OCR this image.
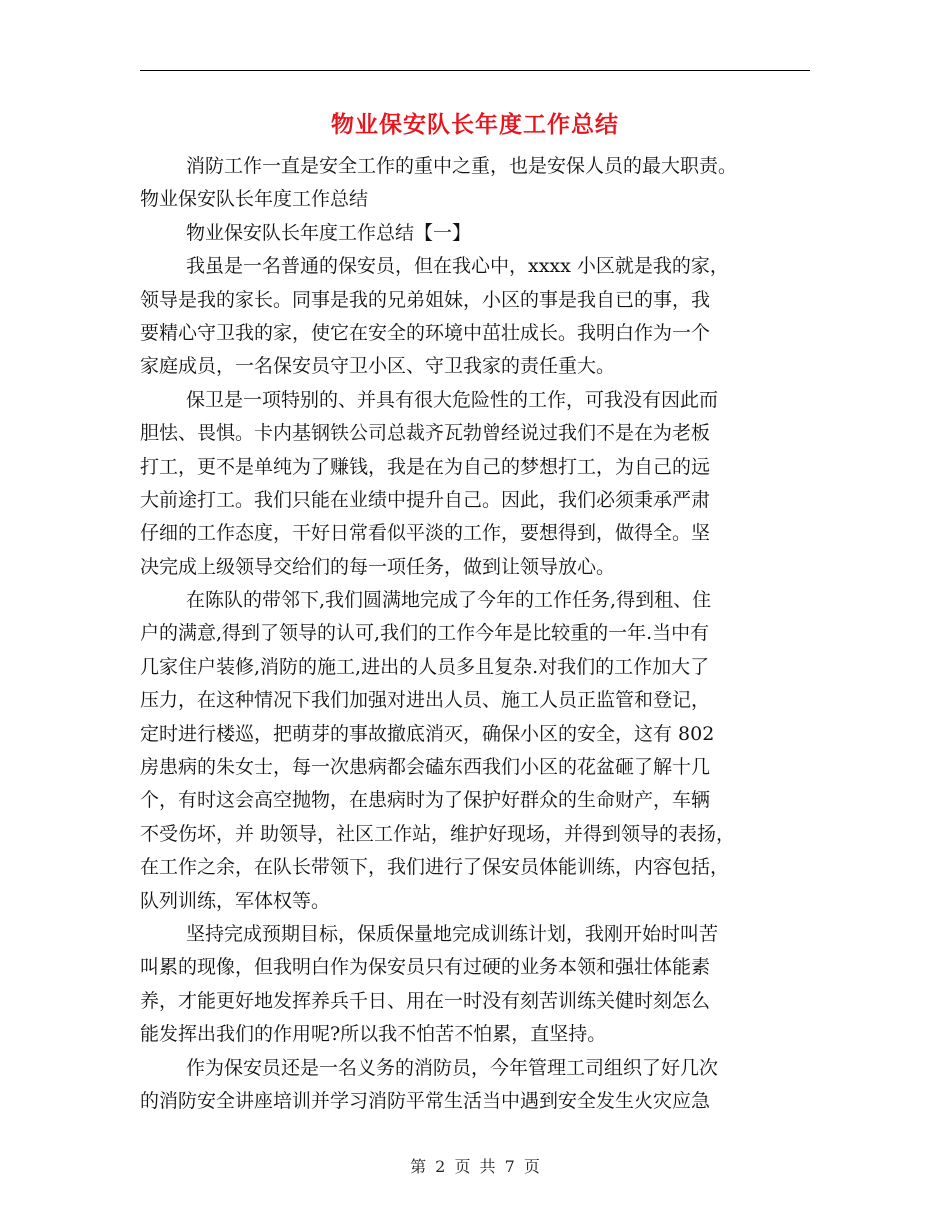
物业保安队长年度工作总结
消防工作一直是安全工作的重中之重，也是安保人员的最大职责。
物业保安队长年度工作总结
物业保安队长年度工作总结【一】
我虽是一名普通的保安员，但在我心中，xxxx 小区就是我的家，
领导是我的家长。同事是我的兄弟姐妹，小区的事是我自已的事，我
要精心守卫我的家，使它在安全的环境中茁壮成长。我明白作为一个
家庭成员，一名保安员守卫小区、守卫我家的责任重大。
保卫是一项特别的、并具有很大危险性的工作，可我没有因此而
胆怯、畏惧。卡内基钢铁公司总裁齐瓦勃曾经说过我们不是在为老板
打工，更不是单纯为了赚钱，我是在为自己的梦想打工，为自己的远
大前途打工。我们只能在业绩中提升自己。因此，我们必须秉承严肃
仔细的工作态度，干好日常看似平淡的工作，要想得到，做得全。坚
决完成上级领导交给们的每一项任务，做到让领导放心。
在陈队的带邻下,我们圆满地完成了今年的工作任务,得到租、住
户的满意,得到了领导的认可,我们的工作今年是比较重的一年.当中有
几家住户装修,消防的施工,进出的人员多且复杂.对我们的工作加大了
压力，在这种情况下我们加强对进出人员、施工人员正监管和登记，
定时进行楼巡，把萌芽的事故撤底消灭，确保小区的安全，这有 802
房患病的朱女士，每一次患病都会磕东西我们小区的花盆砸了解十几
个，有时这会高空抛物，在患病时为了保护好群众的生命财产，车辆
不受伤坏，并 助领导，社区工作站，维护好现场，并得到领导的表扬，
在工作之余，在队长带领下，我们进行了保安员体能训练，内容包括，
队列训练，军体权等。
坚持完成预期目标，保质保量地完成训练计划，我刚开始时叫苦
叫累的现像，但我明白作为保安员只有过硬的业务本领和强壮体能素
养，才能更好地发挥养兵千日、用在一时没有刻苦训练关健时刻怎么
能发挥出我们的作用呢?所以我不怕苦不怕累，直坚持。
作为保安员还是一名义务的消防员，今年管理工司组织了好几次
的消防安全讲座培训并学习消防平常生活当中遇到安全发生火灾应急
第 2 页 共 7 页
